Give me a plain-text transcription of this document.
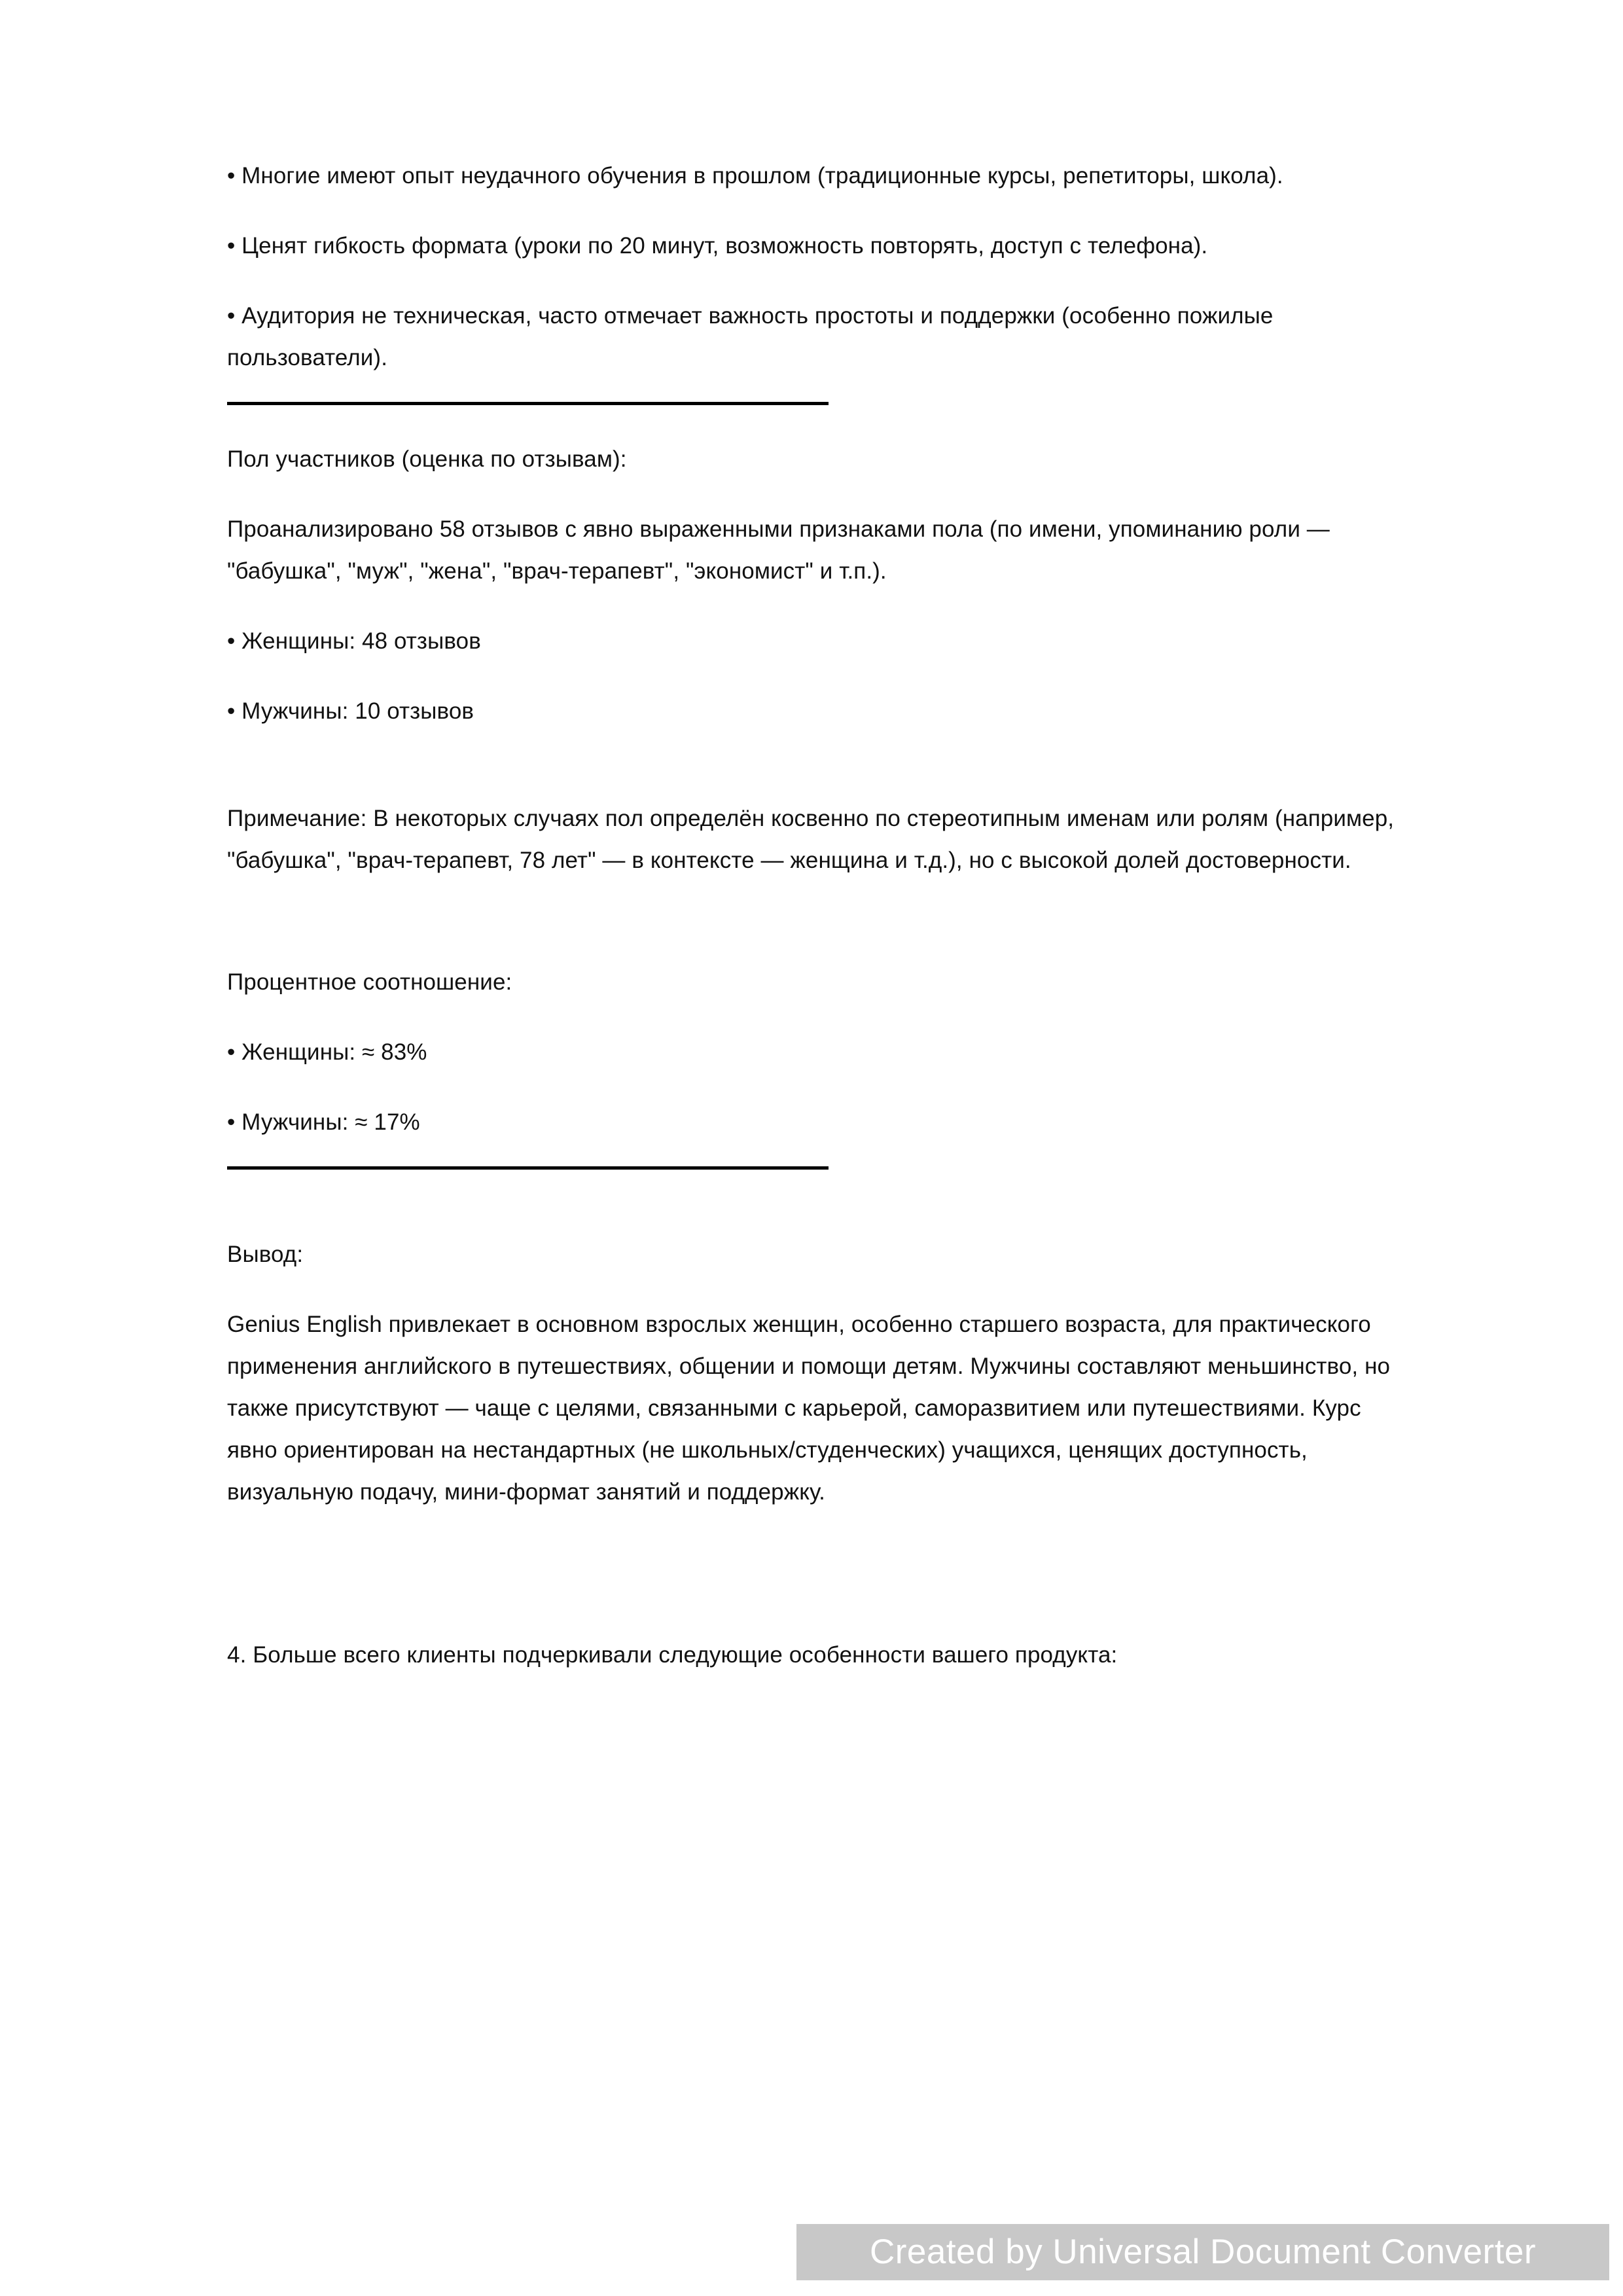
• Многие имеют опыт неудачного обучения в прошлом (традиционные курсы, репетиторы, школа).

• Ценят гибкость формата (уроки по 20 минут, возможность повторять, доступ с телефона).

• Аудитория не техническая, часто отмечает важность простоты и поддержки (особенно пожилые пользователи).

Пол участников (оценка по отзывам):

Проанализировано 58 отзывов с явно выраженными признаками пола (по имени, упоминанию роли — "бабушка", "муж", "жена", "врач-терапевт", "экономист" и т.п.).

• Женщины: 48 отзывов

• Мужчины: 10 отзывов

Примечание: В некоторых случаях пол определён косвенно по стереотипным именам или ролям (например, "бабушка", "врач-терапевт, 78 лет" — в контексте — женщина и т.д.), но с высокой долей достоверности.

Процентное соотношение:

• Женщины: ≈ 83%

• Мужчины: ≈ 17%

Вывод:

Genius English привлекает в основном взрослых женщин, особенно старшего возраста, для практического применения английского в путешествиях, общении и помощи детям. Мужчины составляют меньшинство, но также присутствуют — чаще с целями, связанными с карьерой, саморазвитием или путешествиями. Курс явно ориентирован на нестандартных (не школьных/студенческих) учащихся, ценящих доступность, визуальную подачу, мини-формат занятий и поддержку.

4. Больше всего клиенты подчеркивали следующие особенности вашего продукта:

Created by Universal Document Converter
